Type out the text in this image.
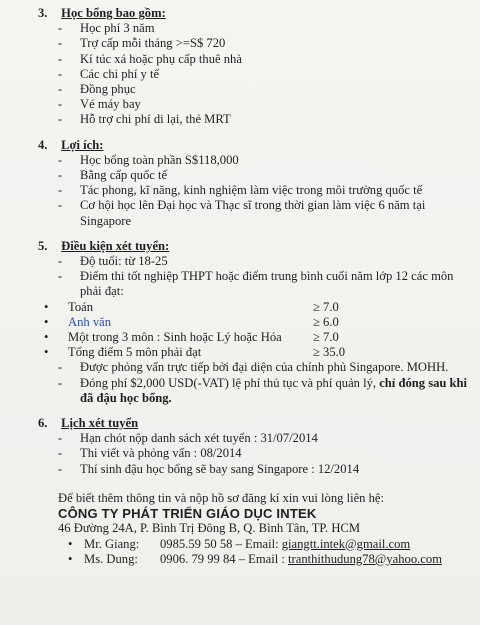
3. Học bổng bao gồm:
- Học phí 3 năm
- Trợ cấp mỗi tháng >=S$ 720
- Kí túc xá hoặc phụ cấp thuê nhà
- Các chi phí y tế
- Đồng phục
- Vé máy bay
- Hỗ trợ chi phí di lại, thẻ MRT
4. Lợi ích:
- Học bổng toàn phần S$118,000
- Bằng cấp quốc tế
- Tác phong, kĩ năng, kinh nghiệm làm việc trong môi trường quốc tế
- Cơ hội học lên Đại học và Thạc sĩ trong thời gian làm việc 6 năm tại Singapore
5. Điều kiện xét tuyển:
- Độ tuổi: từ 18-25
- Điểm thi tốt nghiệp THPT hoặc điểm trung bình cuối năm lớp 12 các môn phải đạt:
• Toán	≥ 7.0
• Anh văn	≥ 6.0
• Một trong 3 môn : Sinh hoặc Lý hoặc Hóa	≥ 7.0
• Tổng điểm 5 môn phải đạt	≥ 35.0
- Được phỏng vấn trực tiếp bởi đại diện của chính phủ Singapore. MOHH.
- Đóng phí $2,000 USD(-VAT) lệ phí thủ tục và phí quản lý, chỉ đóng sau khi đã đậu học bổng.
6. Lịch xét tuyển
- Hạn chót nộp danh sách xét tuyển : 31/07/2014
- Thi viết và phỏng vấn : 08/2014
- Thí sinh đậu học bổng sẽ bay sang Singapore : 12/2014
Để biết thêm thông tin và nộp hồ sơ đăng kí xin vui lòng liên hệ:
CÔNG TY PHÁT TRIỂN GIÁO DỤC INTEK
46 Đường 24A, P. Bình Trị Đông B, Q. Bình Tân, TP. HCM
• Mr. Giang: 0985.59 50 58 – Email: giangtt.intek@gmail.com
• Ms. Dung: 0906. 79 99 84 – Email : tranthithudung78@yahoo.com
